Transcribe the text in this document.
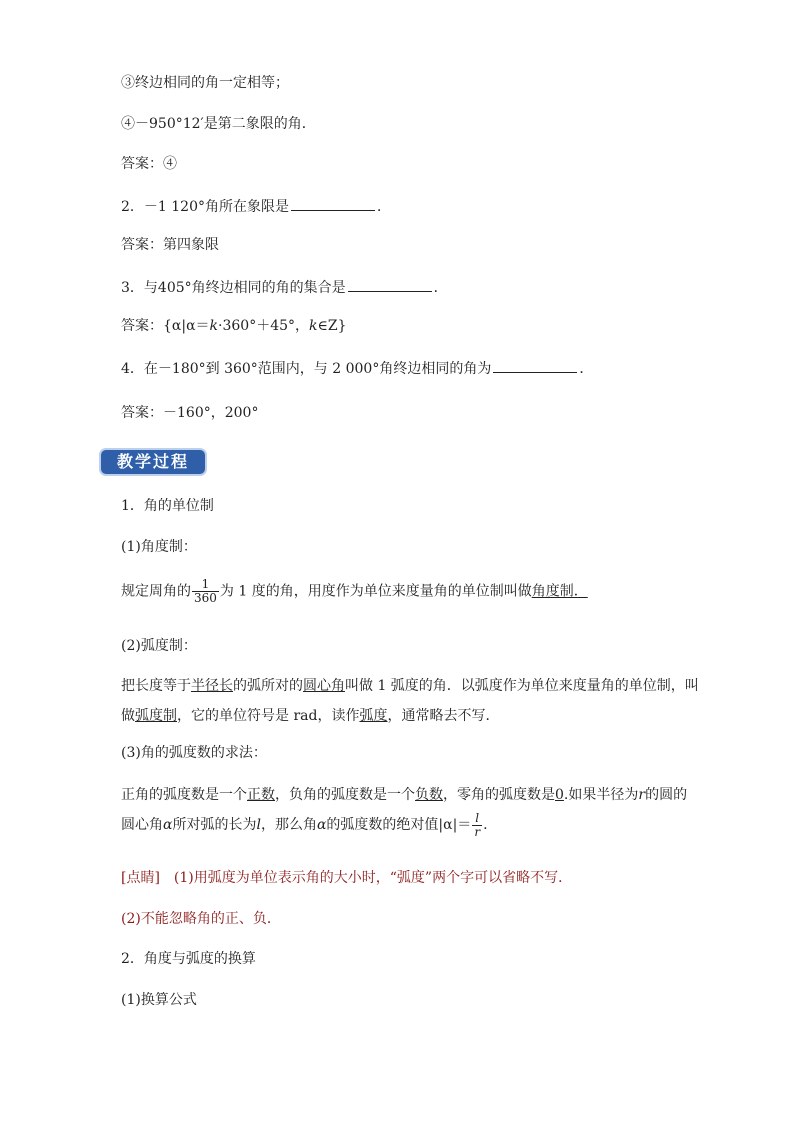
③终边相同的角一定相等；
④－950°12′是第二象限的角．
答案：④
2．－1 120°角所在象限是	．
答案：第四象限
3．与405°角终边相同的角的集合是	．
答案：{α|α＝k·360°＋45°，k∈Z}
4．在－180°到 360°范围内，与 2 000°角终边相同的角为	．
答案：－160°，200°
教学过程
1．角的单位制
(1)角度制：
规定周角的 $\frac{1}{360}$ 为 1 度的角，用度作为单位来度量角的单位制叫做角度制．
(2)弧度制：
把长度等于半径长的弧所对的圆心角叫做 1 弧度的角．以弧度作为单位来度量角的单位制，叫做弧度制，它的单位符号是 rad，读作弧度，通常略去不写．
(3)角的弧度数的求法：
正角的弧度数是一个正数，负角的弧度数是一个负数，零角的弧度数是0.如果半径为r的圆的圆心角α所对弧的长为l，那么角α的弧度数的绝对值$|\alpha|= \frac{l}{r}$ .
[点睛]　(1)用弧度为单位表示角的大小时，“弧度”两个字可以省略不写．
(2)不能忽略角的正、负．
2．角度与弧度的换算
(1)换算公式
